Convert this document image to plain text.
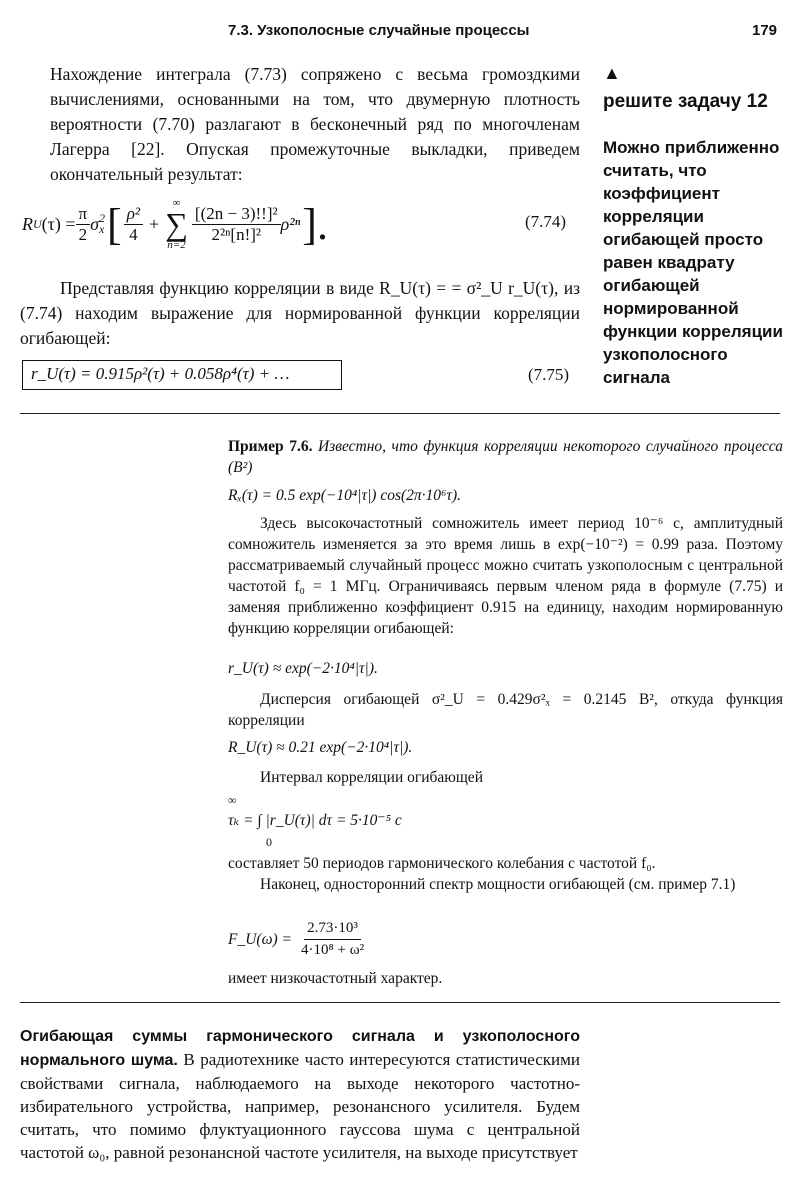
7.3. Узкополосные случайные процессы	179
Нахождение интеграла (7.73) сопряжено с весьма громоздкими вычислениями, основанными на том, что двумерную плотность вероятности (7.70) разлагают в бесконечный ряд по многочленам Лагерра [22]. Опуская промежуточные выкладки, приведем окончательный результат:
R U $(\tau) = \frac{\pi}{2}$ σ 2
x [ $\frac{\text{ρ²}}{4}$ +
∞
∑
n=2
$\frac{\text{[(2n − 3)!!]²}}{\text{2²ⁿ[n!]²}} \rho^{2n}$ ].	(7.74)
Представляя функцию корреляции в виде R_U(τ) = = σ²_U r_U(τ), из (7.74) находим выражение для нормированной функции корреляции огибающей:
r_U(τ) = 0.915ρ²(τ) + 0.058ρ⁴(τ) + …	(7.75)
▲
решите задачу 12
Можно приближенно считать, что коэффициент корреляции огибающей просто равен квадрату огибающей нормированной функции корреляции узкополосного сигнала
Пример 7.6. Известно, что функция корреляции некоторого случайного процесса (В²)
Rₓ(τ) = 0.5 exp(−10⁴|τ|) cos(2π·10⁶τ).
Здесь высокочастотный сомножитель имеет период 10⁻⁶ с, амплитудный сомножитель изменяется за это время лишь в exp(−10⁻²) = 0.99 раза. Поэтому рассматриваемый случайный процесс можно считать узкополосным с центральной частотой f₀ = 1 МГц. Ограничиваясь первым членом ряда в формуле (7.75) и заменяя приближенно коэффициент 0.915 на единицу, находим нормированную функцию корреляции огибающей:
r_U(τ) ≈ exp(−2·10⁴|τ|).
Дисперсия огибающей σ²_U = 0.429σ²ₓ = 0.2145 В², откуда функция корреляции
R_U(τ) ≈ 0.21 exp(−2·10⁴|τ|).
Интервал корреляции огибающей
∞
τₖ = ∫ |r_U(τ)| dτ = 5·10⁻⁵ с
0
составляет 50 периодов гармонического колебания с частотой f₀.
Наконец, односторонний спектр мощности огибающей (см. пример 7.1)
F_U(ω) = $\frac{\text{2.73·10³}}{\text{4·10⁸ + ω²}}$
имеет низкочастотный характер.
Огибающая суммы гармонического сигнала и узкополосного нормального шума. В радиотехнике часто интересуются статистическими свойствами сигнала, наблюдаемого на выходе некоторого частотно-избирательного устройства, например, резонансного усилителя. Будем считать, что помимо флуктуационного гауссова шума с центральной частотой ω₀, равной резонансной частоте усилителя, на выходе присутствует
